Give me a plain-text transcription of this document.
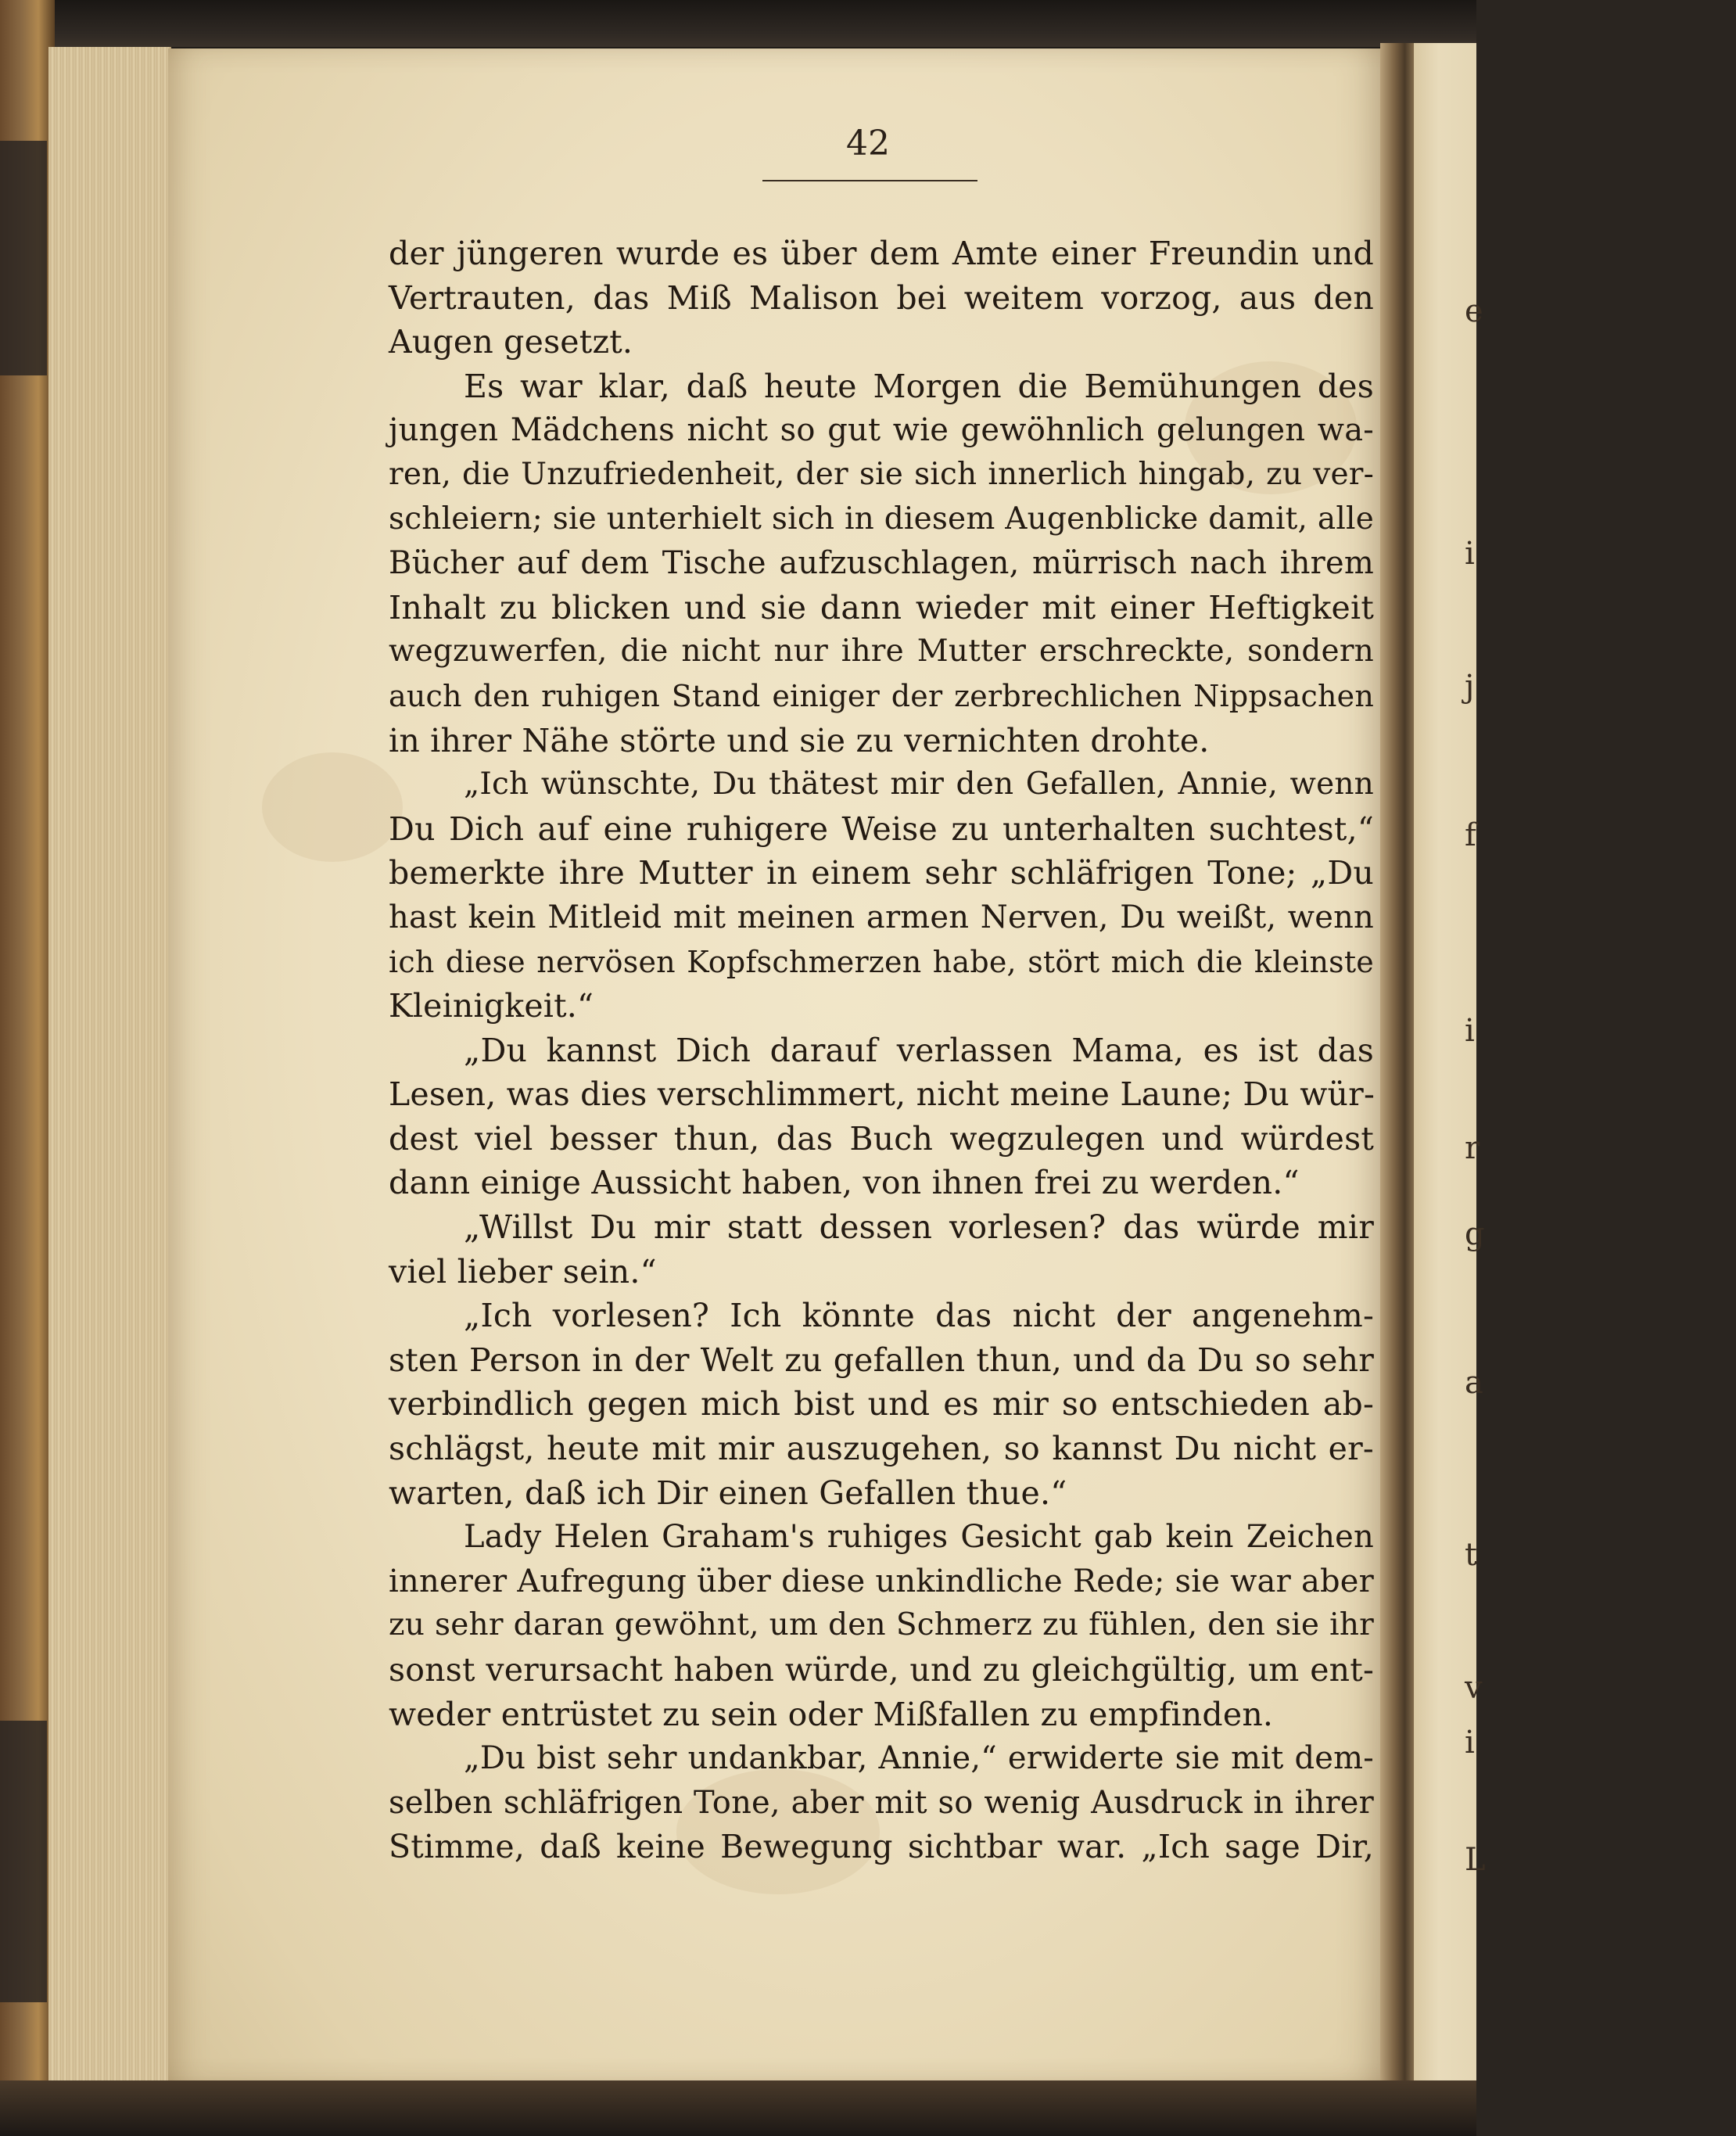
e
i
j
f
i
r
g
a
t
v
i
L
42
der jüngeren wurde es über dem Amte einer Freundin und
Vertrauten, das Miß Malison bei weitem vorzog, aus den
Augen gesetzt.
Es war klar, daß heute Morgen die Bemühungen des
jungen Mädchens nicht so gut wie gewöhnlich gelungen wa-
ren, die Unzufriedenheit, der sie sich innerlich hingab, zu ver-
schleiern; sie unterhielt sich in diesem Augenblicke damit, alle
Bücher auf dem Tische aufzuschlagen, mürrisch nach ihrem
Inhalt zu blicken und sie dann wieder mit einer Heftigkeit
wegzuwerfen, die nicht nur ihre Mutter erschreckte, sondern
auch den ruhigen Stand einiger der zerbrechlichen Nippsachen
in ihrer Nähe störte und sie zu vernichten drohte.
„Ich wünschte, Du thätest mir den Gefallen, Annie, wenn
Du Dich auf eine ruhigere Weise zu unterhalten suchtest,“
bemerkte ihre Mutter in einem sehr schläfrigen Tone; „Du
hast kein Mitleid mit meinen armen Nerven, Du weißt, wenn
ich diese nervösen Kopfschmerzen habe, stört mich die kleinste
Kleinigkeit.“
„Du kannst Dich darauf verlassen Mama, es ist das
Lesen, was dies verschlimmert, nicht meine Laune; Du wür-
dest viel besser thun, das Buch wegzulegen und würdest
dann einige Aussicht haben, von ihnen frei zu werden.“
„Willst Du mir statt dessen vorlesen? das würde mir
viel lieber sein.“
„Ich vorlesen? Ich könnte das nicht der angenehm-
sten Person in der Welt zu gefallen thun, und da Du so sehr
verbindlich gegen mich bist und es mir so entschieden ab-
schlägst, heute mit mir auszugehen, so kannst Du nicht er-
warten, daß ich Dir einen Gefallen thue.“
Lady Helen Graham's ruhiges Gesicht gab kein Zeichen
innerer Aufregung über diese unkindliche Rede; sie war aber
zu sehr daran gewöhnt, um den Schmerz zu fühlen, den sie ihr
sonst verursacht haben würde, und zu gleichgültig, um ent-
weder entrüstet zu sein oder Mißfallen zu empfinden.
„Du bist sehr undankbar, Annie,“ erwiderte sie mit dem-
selben schläfrigen Tone, aber mit so wenig Ausdruck in ihrer
Stimme, daß keine Bewegung sichtbar war. „Ich sage Dir,
